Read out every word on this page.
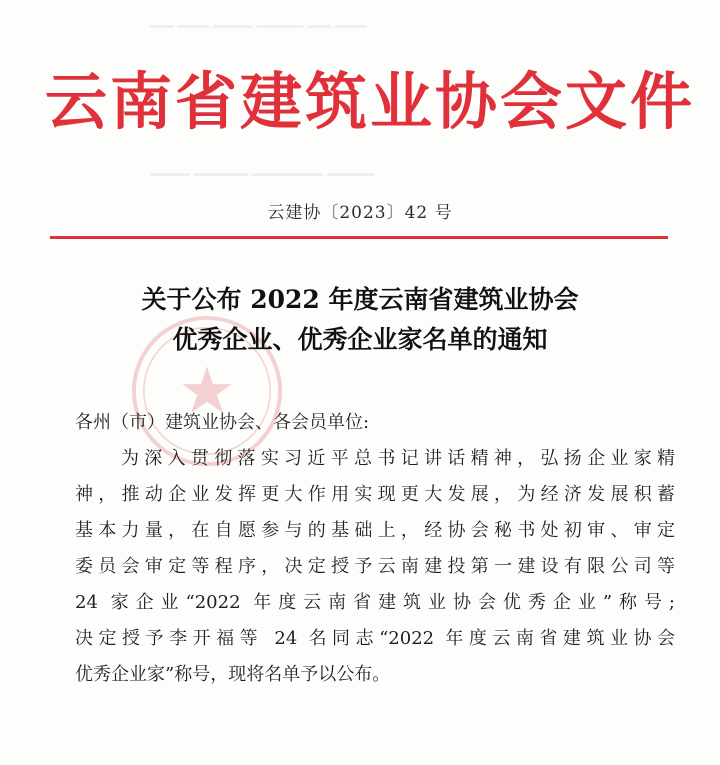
━━━ ━━━━ ━━━━━ ━━━━━━ ━━━ ━━━━
━━━━━ ━━━━━━━ ━━━━━━━━━ ━━━━━━
云南省建筑业协会文件
云建协〔2023〕42 号
关于公布 2022 年度云南省建筑业协会
优秀企业、优秀企业家名单的通知
各州（市）建筑业协会、各会员单位:
为深入贯彻落实习近平总书记讲话精神，弘扬企业家精
神，推动企业发挥更大作用实现更大发展，为经济发展积蓄
基本力量，在自愿参与的基础上，经协会秘书处初审、审定
委员会审定等程序，决定授予云南建投第一建设有限公司等
24 家企业“2022 年度云南省建筑业协会优秀企业”称号;
决定授予李开福等 24 名同志“2022 年度云南省建筑业协会
优秀企业家”称号，现将名单予以公布。
